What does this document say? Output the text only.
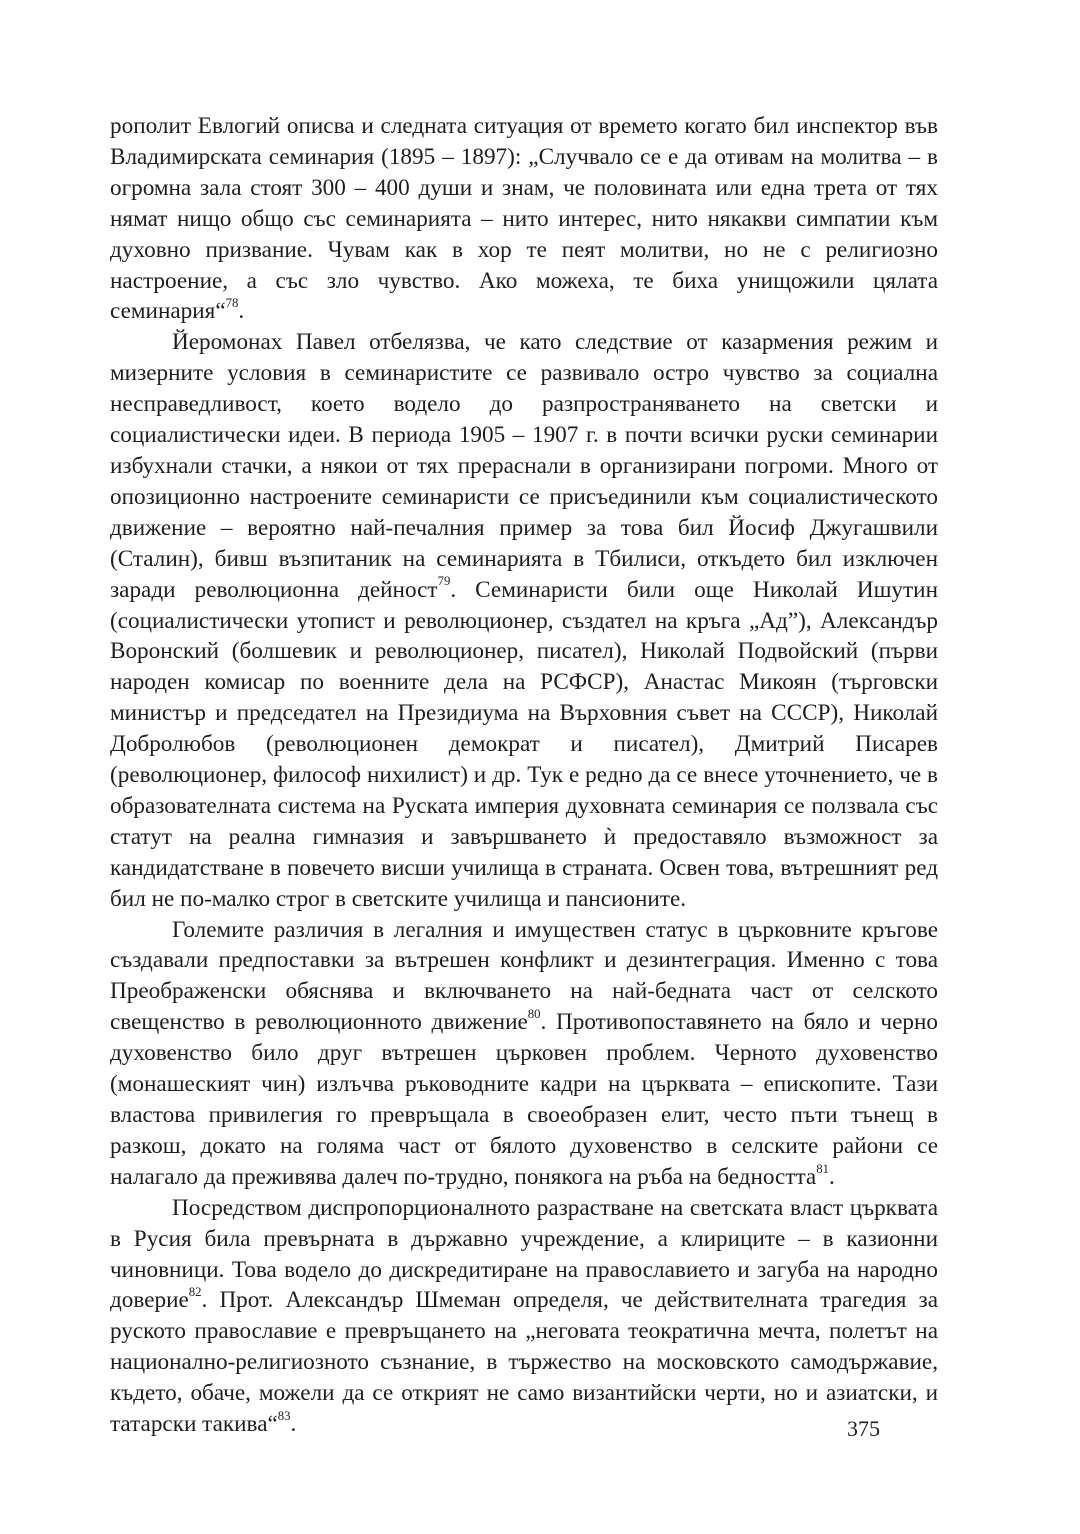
рополит Евлогий описва и следната ситуация от времето когато бил инспектор във Владимирската семинария (1895 – 1897): „Случвало се е да отивам на молитва – в огромна зала стоят 300 – 400 души и знам, че половината или една трета от тях нямат нищо общо със семинарията – нито интерес, нито някакви симпатии към духовно призвание. Чувам как в хор те пеят молитви, но не с религиозно настроение, а със зло чувство. Ако можеха, те биха унищожили цялата семинария“$^{78}$.

Йеромонах Павел отбелязва, че като следствие от казармения режим и мизерните условия в семинаристите се развивало остро чувство за социална несправедливост, което водело до разпространяването на светски и социалистически идеи. В периода 1905 – 1907 г. в почти всички руски семинарии избухнали стачки, а някои от тях прераснали в организирани погроми. Много от опозиционно настроените семинаристи се присъединили към социалистическото движение – вероятно най-печалния пример за това бил Йосиф Джугашвили (Сталин), бивш възпитаник на семинарията в Тбилиси, откъдето бил изключен заради революционна дейност$^{79}$. Семинаристи били още Николай Ишутин (социалистически утопист и революционер, създател на кръга „Ад”), Александър Воронский (болшевик и революционер, писател), Николай Подвойский (първи народен комисар по военните дела на РСФСР), Анастас Микоян (търговски министър и председател на Президиума на Върховния съвет на СССР), Николай Добролюбов (революционен демократ и писател), Дмитрий Писарев (революционер, философ нихилист) и др. Тук е редно да се внесе уточнението, че в образователната система на Руската империя духовната семинария се ползвала със статут на реална гимназия и завършването ѝ предоставяло възможност за кандидатстване в повечето висши училища в страната. Освен това, вътрешният ред бил не по-малко строг в светските училища и пансионите.

Големите различия в легалния и имуществен статус в църковните кръгове създавали предпоставки за вътрешен конфликт и дезинтеграция. Именно с това Преображенски обяснява и включването на най-бедната част от селското свещенство в революционното движение$^{80}$. Противопоставянето на бяло и черно духовенство било друг вътрешен църковен проблем. Черното духовенство (монашеският чин) излъчва ръководните кадри на църквата – епископите. Тази властова привилегия го превръщала в своеобразен елит, често пъти тънещ в разкош, докато на голяма част от бялото духовенство в селските райони се налагало да преживява далеч по-трудно, понякога на ръба на бедността$^{81}$.

Посредством диспропорционалното разрастване на светската власт църквата в Русия била превърната в държавно учреждение, а клириците – в казионни чиновници. Това водело до дискредитиране на православието и загуба на народно доверие$^{82}$. Прот. Александър Шмеман определя, че действителната трагедия за руското православие е превръщането на „неговата теократична мечта, полетът на национално-религиозното съзнание, в тържество на московското самодържавие, където, обаче, можели да се открият не само византийски черти, но и азиатски, и татарски такива“$^{83}$.	375
